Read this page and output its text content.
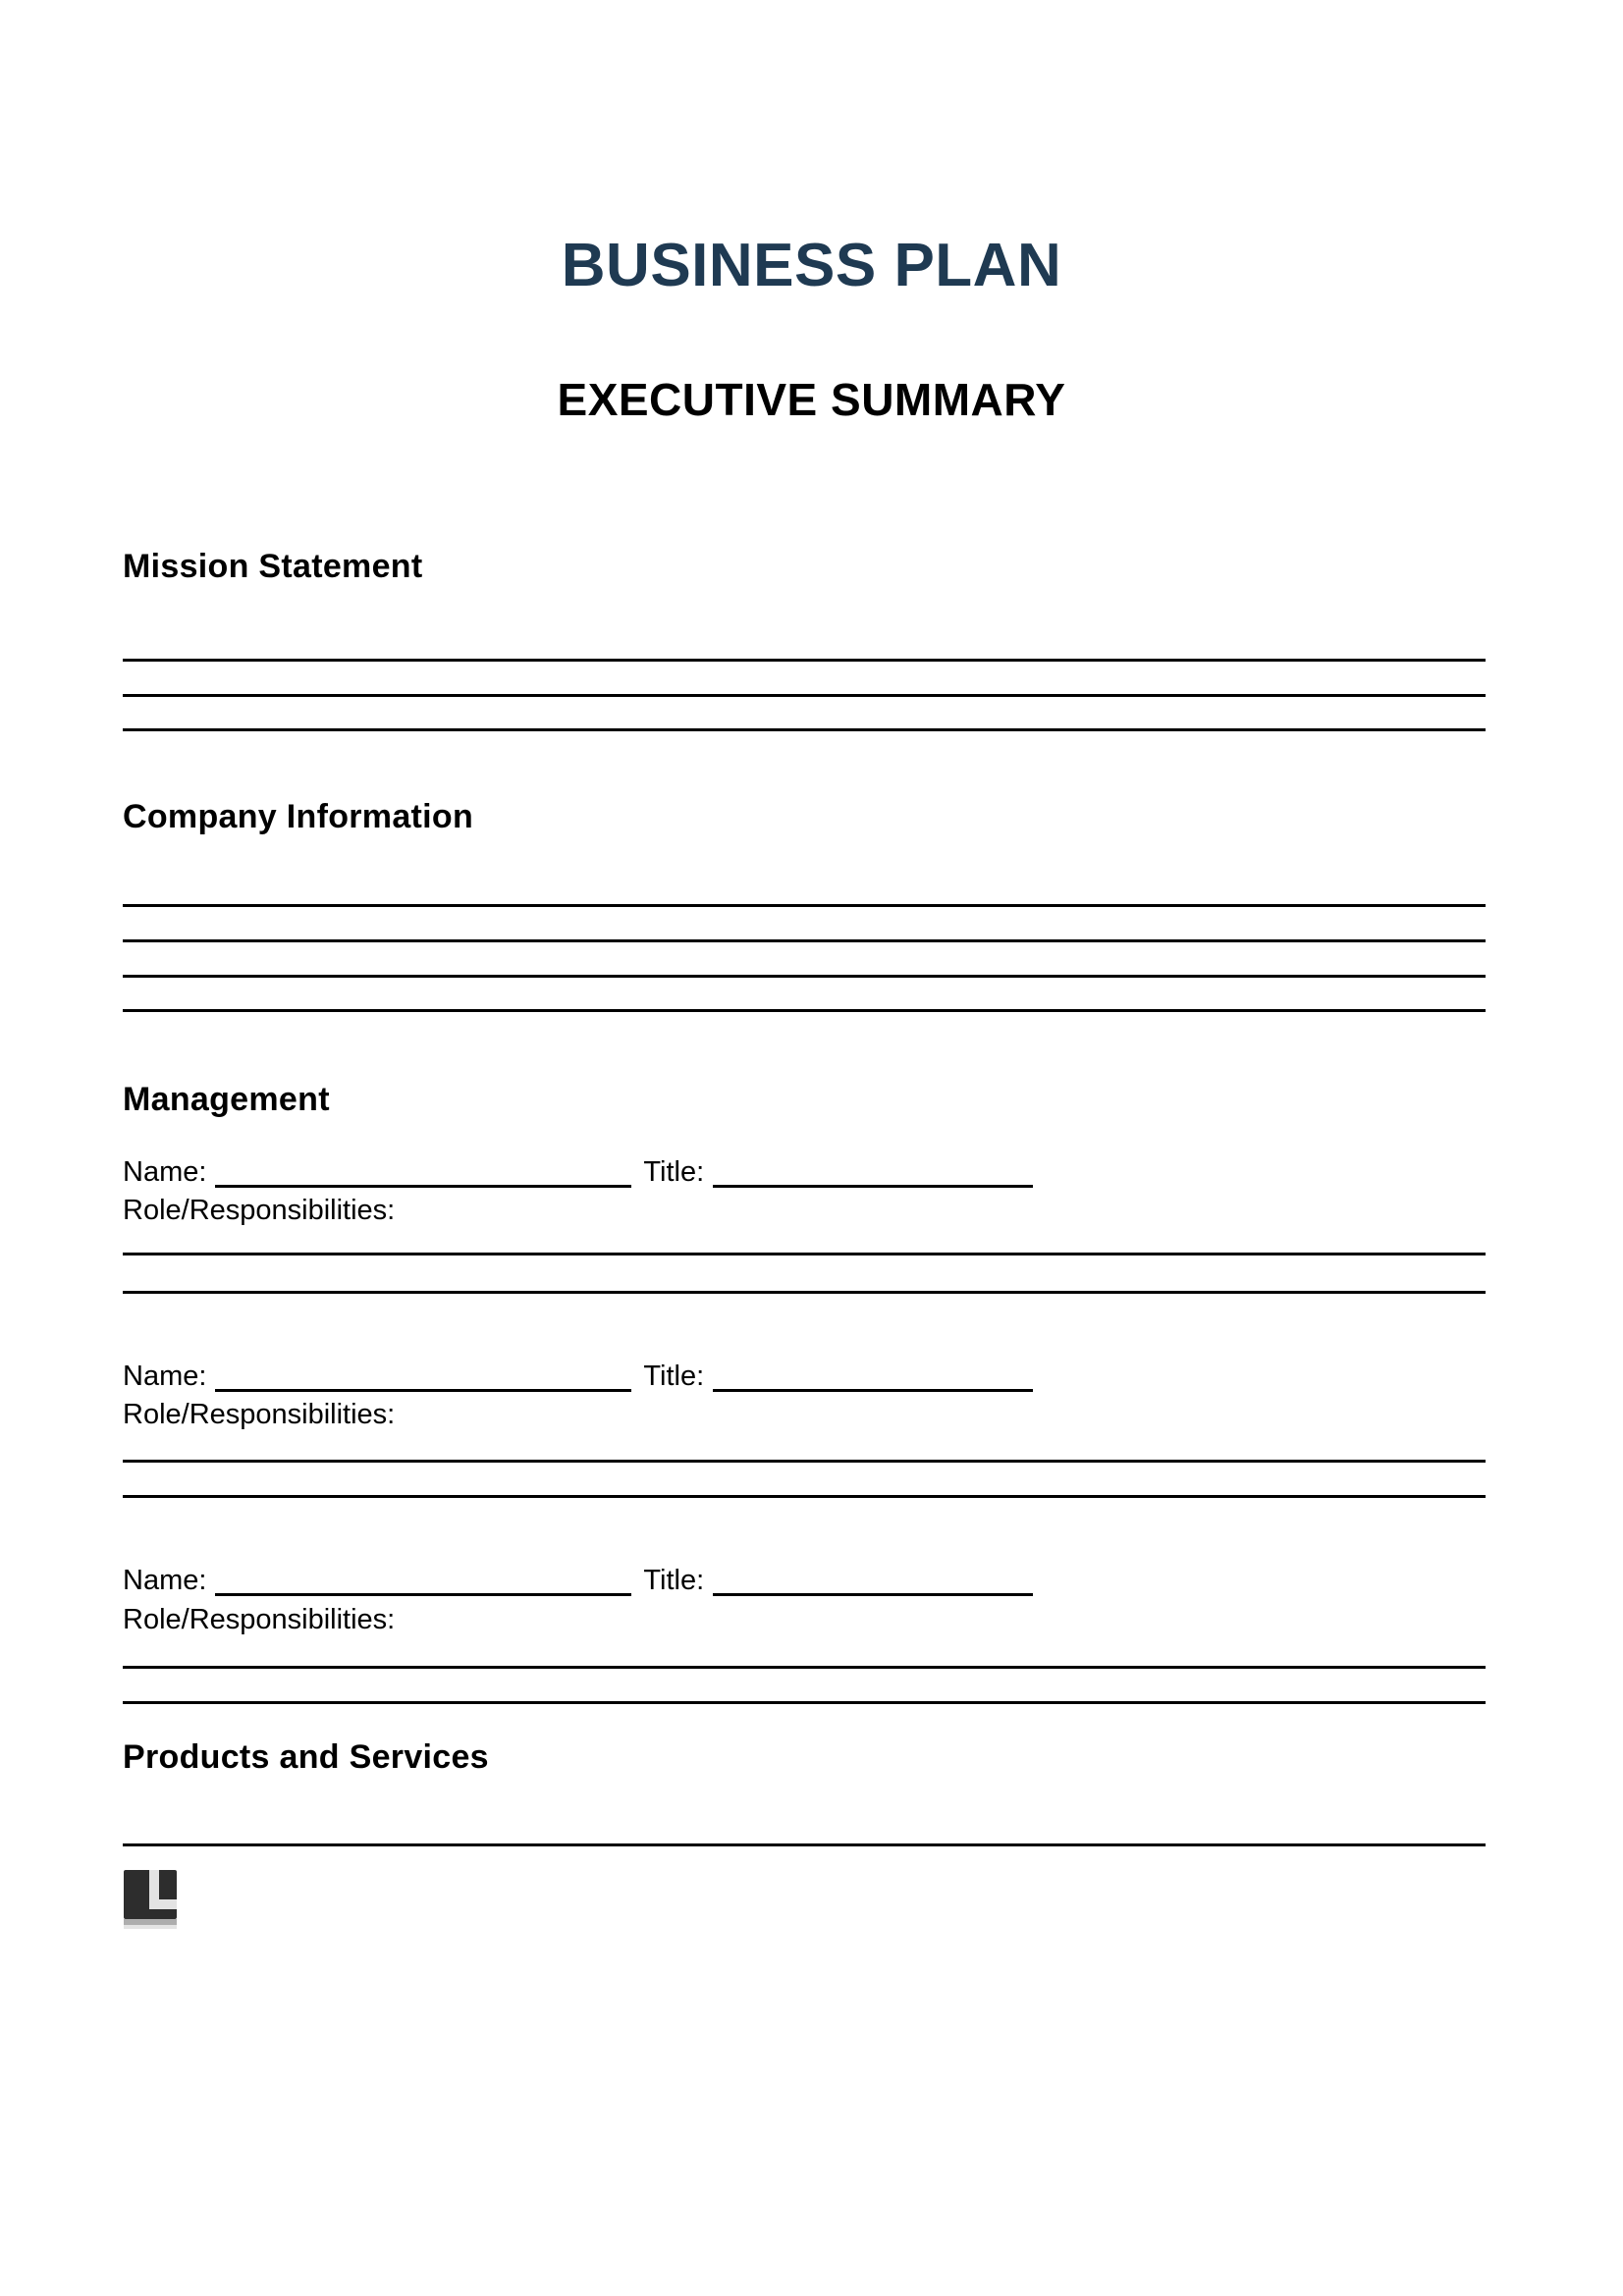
BUSINESS PLAN
EXECUTIVE SUMMARY
Mission Statement
Company Information
Management
Name:	Title:
Role/Responsibilities:
Name:	Title:
Role/Responsibilities:
Name:	Title:
Role/Responsibilities:
Products and Services
